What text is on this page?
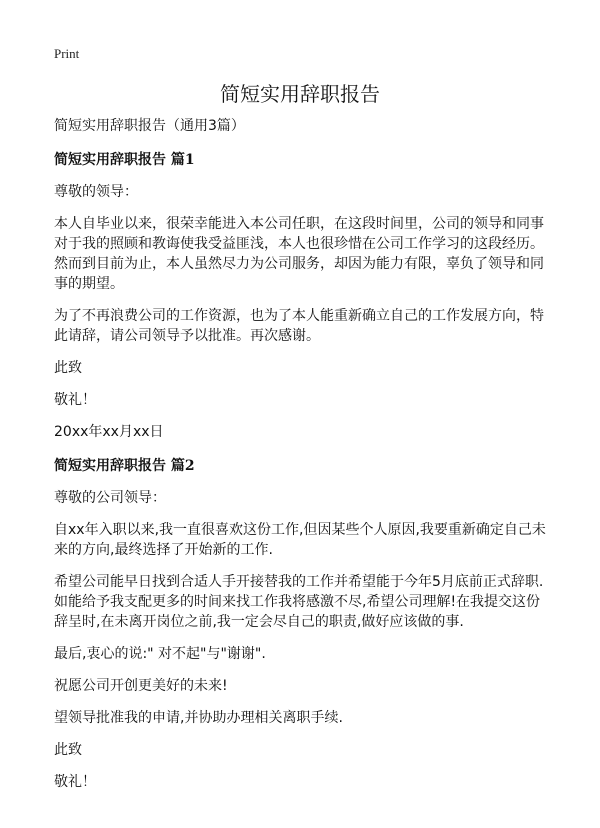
Print
简短实用辞职报告

简短实用辞职报告（通用3篇）

简短实用辞职报告 篇1

尊敬的领导：

本人自毕业以来，很荣幸能进入本公司任职，在这段时间里，公司的领导和同事对于我的照顾和教诲使我受益匪浅，本人也很珍惜在公司工作学习的这段经历。然而到目前为止，本人虽然尽力为公司服务，却因为能力有限，辜负了领导和同事的期望。

为了不再浪费公司的工作资源，也为了本人能重新确立自己的工作发展方向，特此请辞，请公司领导予以批准。再次感谢。

此致

敬礼！

20xx年xx月xx日

简短实用辞职报告 篇2

尊敬的公司领导：

自xx年入职以来,我一直很喜欢这份工作,但因某些个人原因,我要重新确定自己未来的方向,最终选择了开始新的工作.

希望公司能早日找到合适人手开接替我的工作并希望能于今年5月底前正式辞职.如能给予我支配更多的时间来找工作我将感激不尽,希望公司理解!在我提交这份辞呈时,在未离开岗位之前,我一定会尽自己的职责,做好应该做的事.

最后,衷心的说:" 对不起"与"谢谢".

祝愿公司开创更美好的未来!

望领导批准我的申请,并协助办理相关离职手续.

此致

敬礼！
